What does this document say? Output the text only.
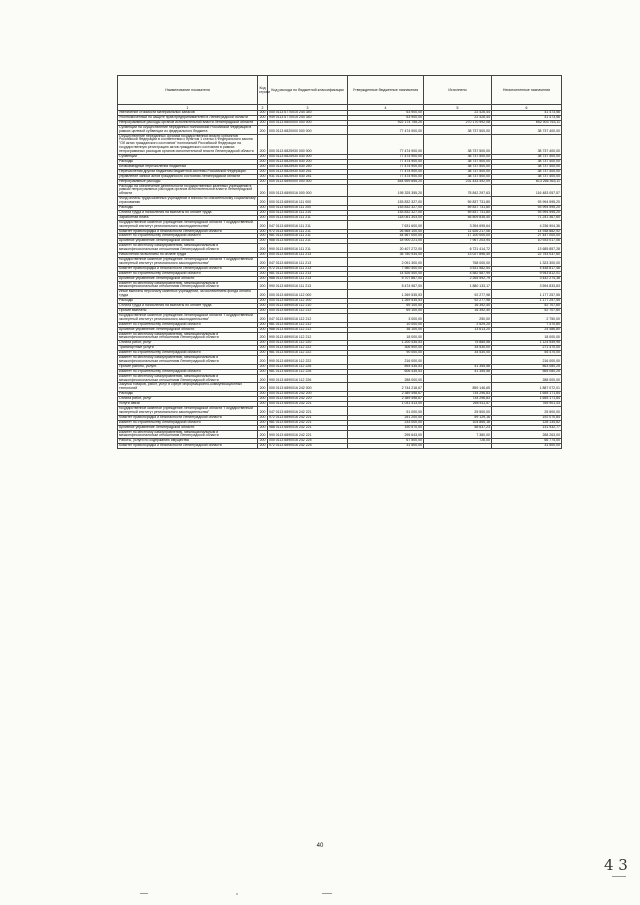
Наименование показателя	Код строки	Код расхода по бюджетной классификации	Утвержденные бюджетные назначения	Исполнено	Неисполненные назначения
1	2	3	4	5	6
Увеличение стоимости материальных запасов	200	000 0113 6770015 244 340	63 900,00	22 426,44	41 473,56
Уполномоченный по защите прав предпринимателей в Ленинградской области	200	949 0113 6770015 244 340	63 900,00	22 426,44	41 473,56
Непрограммные расходы органов исполнительной власти Ленинградской области	200	000 0113 6800000 000 000	922 174 755,20	270 170 992,08	652 003 763,11
Субвенции на осуществление переданных полномочий Российской Федерации в рамках целевой субвенции из федерального бюджета	200	000 0113 6820000 000 000	77 474 900,00	38 737 500,00	38 737 400,00
Осуществление переданных органам государственной власти субъектов Российской Федерации в соответствии с пунктом 1 статьи 4 Федерального закона "Об актах гражданского состояния" полномочий Российской Федерации на государственную регистрацию актов гражданского состояния в рамках непрограммных расходов органов исполнительной власти Ленинградской области	200	000 0113 6825930 000 000	77 474 900,00	38 737 500,00	38 737 400,00
Субвенции	200	000 0113 6825930 530 000	77 474 900,00	38 737 500,00	38 737 400,00
Расходы	200	000 0113 6825930 530 200	77 474 900,00	38 737 500,00	38 737 400,00
Безвозмездные перечисления бюджетам	200	000 0113 6825930 530 250	77 474 900,00	38 737 500,00	38 737 400,00
Перечисления другим бюджетам бюджетной системы Российской Федерации	200	000 0113 6825930 530 251	77 474 900,00	38 737 500,00	38 737 400,00
управление записи актов гражданского состояния Ленинградской области	200	931 0113 6825930 530 251	77 474 900,00	38 737 500,00	38 737 400,00
Непрограммные расходы	200	000 0113 6890000 000 000	844 699 855,20	231 433 492,09	613 266 363,11
Расходы на обеспечение деятельности государственных казенных учреждений в рамках непрограммных расходов органов исполнительной власти Ленинградской области	200	000 0113 6890016 000 000	195 325 355,20	78 842 297,63	116 483 057,57
Фонд оплаты труда казенных учреждений и взносы по обязательному социальному страхованию	200	000 0113 6890016 111 000	153 832 327,00	59 837 731,80	93 994 595,20
Расходы	200	000 0113 6890016 111 200	153 832 327,00	59 837 731,80	93 994 595,20
Оплата труда и начисления на выплаты по оплате труда	200	000 0113 6890016 111 210	153 832 327,00	59 837 731,80	93 994 595,20
Заработная плата	200	000 0113 6890016 111 211	118 051 303,00	46 809 835,40	71 241 467,60
государственное казенное учреждение Ленинградской области "Государственный экспертный институт регионального законодательства"	200	047 0113 6890016 111 211	7 631 600,00	3 394 695,64	4 236 904,36
Комитет правопорядка и безопасности Ленинградской области	200	972 0113 6890016 111 211	26 565 100,00	11 626 217,06	14 938 882,92
комитет по строительству Ленинградской области	200	981 0113 6890016 111 211	44 567 000,00	17 100 000,00	27 447 000,00
Архивное управление Ленинградской области	200	988 0113 6890016 111 211	18 900 221,00	7 967 203,94	10 933 017,06
комитет по местному самоуправлению, межнациональным и межконфессиональным отношениям Ленинградской области	200	990 0113 6890016 111 211	20 407 272,00	6 721 414,72	13 685 857,28
Начисления на выплаты по оплате труда	200	000 0113 6890016 111 213	35 780 934,00	13 027 896,40	22 753 037,60
государственное казенное учреждение Ленинградской области "Государственный экспертный институт регионального законодательства"	200	047 0113 6890016 111 213	2 091 300,00	768 000,00	1 323 300,00
Комитет правопорядка и безопасности Ленинградской области	200	972 0113 6890016 111 213	7 980 400,00	3 531 582,54	4 448 817,46
комитет по строительству Ленинградской области	200	981 0113 6890016 111 213	14 526 400,00	4 582 587,99	9 943 812,01
Архивное управление Ленинградской области	200	988 0113 6890016 111 213	5 707 867,00	2 265 592,79	3 442 274,38
комитет по местному самоуправлению, межнациональным и межконфессиональным отношениям Ленинградской области	200	990 0113 6890016 111 213	5 474 967,00	1 880 133,17	3 594 833,83
Иные выплаты персоналу казенных учреждений, за исключением фонда оплаты труда	200	000 0113 6890016 112 000	1 269 535,53	92 277,98	1 177 257,55
Расходы	200	000 0113 6890016 112 200	1 269 535,53	92 277,98	1 177 257,55
Оплата труда и начисления на выплаты по оплате труда	200	000 0113 6890016 112 210	69 100,00	16 392,40	52 707,60
Прочие выплаты	200	000 0113 6890016 112 212	69 100,00	16 392,40	52 707,60
государственное казенное учреждение Ленинградской области "Государственный экспертный институт регионального законодательства"	200	047 0113 6890016 112 212	3 000,00	250,00	2 750,00
комитет по строительству Ленинградской области	200	981 0113 6890016 112 212	10 000,00	2 529,20	7 470,80
Архивное управление Ленинградской области	200	988 0113 6890016 112 212	38 100,00	13 613,20	24 486,80
комитет по местному самоуправлению, межнациональным и межконфессиональным отношениям Ленинградской области	200	990 0113 6890016 112 212	18 000,00		18 000,00
Оплата работ, услуг	200	000 0113 6890016 112 220	1 200 435,53	75 885,58	1 124 549,95
Транспортные услуги	200	000 0113 6890016 112 222	306 900,00	34 530,00	271 470,00
комитет по строительству Ленинградской области	200	981 0113 6890016 112 222	90 000,00	34 530,00	55 470,00
комитет по местному самоуправлению, межнациональным и межконфессиональным отношениям Ленинградской области	200	990 0113 6890016 112 222	216 000,00		216 000,00
Прочие работы, услуги	200	000 0113 6890016 112 226	894 435,53	41 355,58	853 080,25
комитет по строительству Ленинградской области	200	981 0113 6890016 112 226	606 435,53	41 355,58	565 080,25
комитет по местному самоуправлению, межнациональным и межконфессиональным отношениям Ленинградской области	200	990 0113 6890016 112 226	288 000,00		288 000,00
Закупка товаров, работ, услуг в сфере информационно-коммуникационных технологий	200	000 0113 6890016 242 000	2 744 218,67	859 146,65	1 887 072,01
Расходы	200	000 0113 6890016 242 200	2 389 498,67	734 296,83	1 655 171,84
Оплата работ, услуг	200	000 0113 6890016 242 220	2 389 498,67	734 296,83	1 655 171,84
Услуги связи	200	000 0113 6890016 242 221	1 031 413,00	265 511,57	765 901,43
государственное казенное учреждение Ленинградской области "Государственный экспертный институт регионального законодательства"	200	047 0113 6890016 242 221	51 000,00	25 500,00	25 500,00
Комитет правопорядка и безопасности Ленинградской области	200	972 0113 6890016 242 221	251 200,00	59 129,16	192 070,84
комитет по строительству Ленинградской области	200	981 0113 6890016 242 221	233 000,00	104 865,18	128 134,82
Архивное управление Ленинградской области	200	988 0113 6890016 242 221	190 570,00	58 637,23	131 932,77
комитет по местному самоуправлению, межнациональным и межконфессиональным отношениям Ленинградской области	200	990 0113 6890016 242 221	295 643,00	7 380,00	288 263,00
Работы, услуги по содержанию имущества	200	000 0113 6890016 242 225	67 500,00	726,00	66 774,00
Комитет правопорядка и безопасности Ленинградской области	200	972 0113 6890016 242 225	31 500,00		31 500,00
40
4 3
